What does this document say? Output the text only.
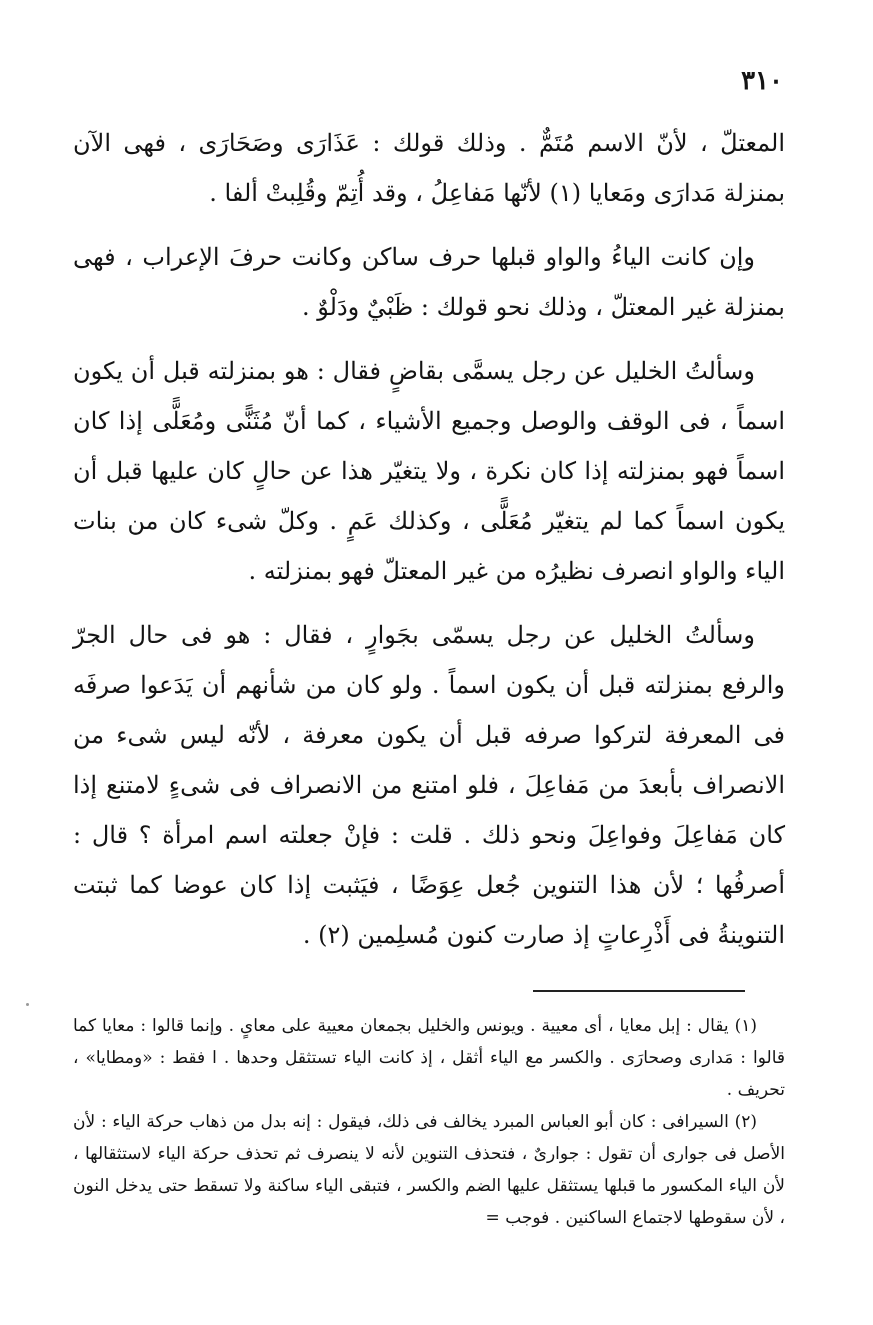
٣١٠

المعتلّ ، لأنّ الاسم مُتَمٌّ . وذلك قولك : عَذَارَى وصَحَارَى ، فهى الآن بمنزلة مَدارَى ومَعايا (١) لأنّها مَفاعِلُ ، وقد أُتِمّ وقُلِبتْ ألفا .

وإن كانت الياءُ والواو قبلها حرف ساكن وكانت حرفَ الإعراب ، فهى بمنزلة غير المعتلّ ، وذلك نحو قولك : ظَبْيٌ ودَلْوٌ .

وسألتُ الخليل عن رجل يسمَّى بقاضٍ فقال : هو بمنزلته قبل أن يكون اسماً ، فى الوقف والوصل وجميع الأشياء ، كما أنّ مُثَنًّى ومُعَلًّى إذا كان اسماً فهو بمنزلته إذا كان نكرة ، ولا يتغيّر هذا عن حالٍ كان عليها قبل أن يكون اسماً كما لم يتغيّر مُعَلًّى ، وكذلك عَمٍ . وكلّ شىء كان من بنات الياء والواو انصرف نظيرُه من غير المعتلّ فهو بمنزلته .

وسألتُ الخليل عن رجل يسمّى بجَوارٍ ، فقال : هو فى حال الجرّ والرفع بمنزلته قبل أن يكون اسماً . ولو كان من شأنهم أن يَدَعوا صرفَه فى المعرفة لتركوا صرفه قبل أن يكون معرفة ، لأنّه ليس شىء من الانصراف بأبعدَ من مَفاعِلَ ، فلو امتنع من الانصراف فى شىءٍ لامتنع إذا كان مَفاعِلَ وفواعِلَ ونحو ذلك . قلت : فإنْ جعلته اسم امرأة ؟ قال : أصرفُها ؛ لأن هذا التنوين جُعل عِوَضًا ، فيَثبت إذا كان عوضا كما ثبتت التنوينةُ فى أَذْرِعاتٍ إذ صارت كنون مُسلِمين (٢) .

(١) يقال : إبل معايا ، أى معيية . ويونس والخليل بجمعان معيية على معاىٍ . وإنما قالوا : معايا كما قالوا : مَدارى وصحارَى . والكسر مع الياء أثقل ، إذ كانت الياء تستثقل وحدها . ا فقط : «ومطايا» ، تحريف .

(٢) السيرافى : كان أبو العباس المبرد يخالف فى ذلك، فيقول : إنه بدل من ذهاب حركة الياء : لأن الأصل فى جوارى أن تقول : جوارىٌ ، فتحذف التنوين لأنه لا ينصرف ثم تحذف حركة الياء لاستثقالها ، لأن الياء المكسور ما قبلها يستثقل عليها الضم والكسر ، فتبقى الياء ساكنة ولا تسقط حتى يدخل النون ، لأن سقوطها لاجتماع الساكنين . فوجب =
